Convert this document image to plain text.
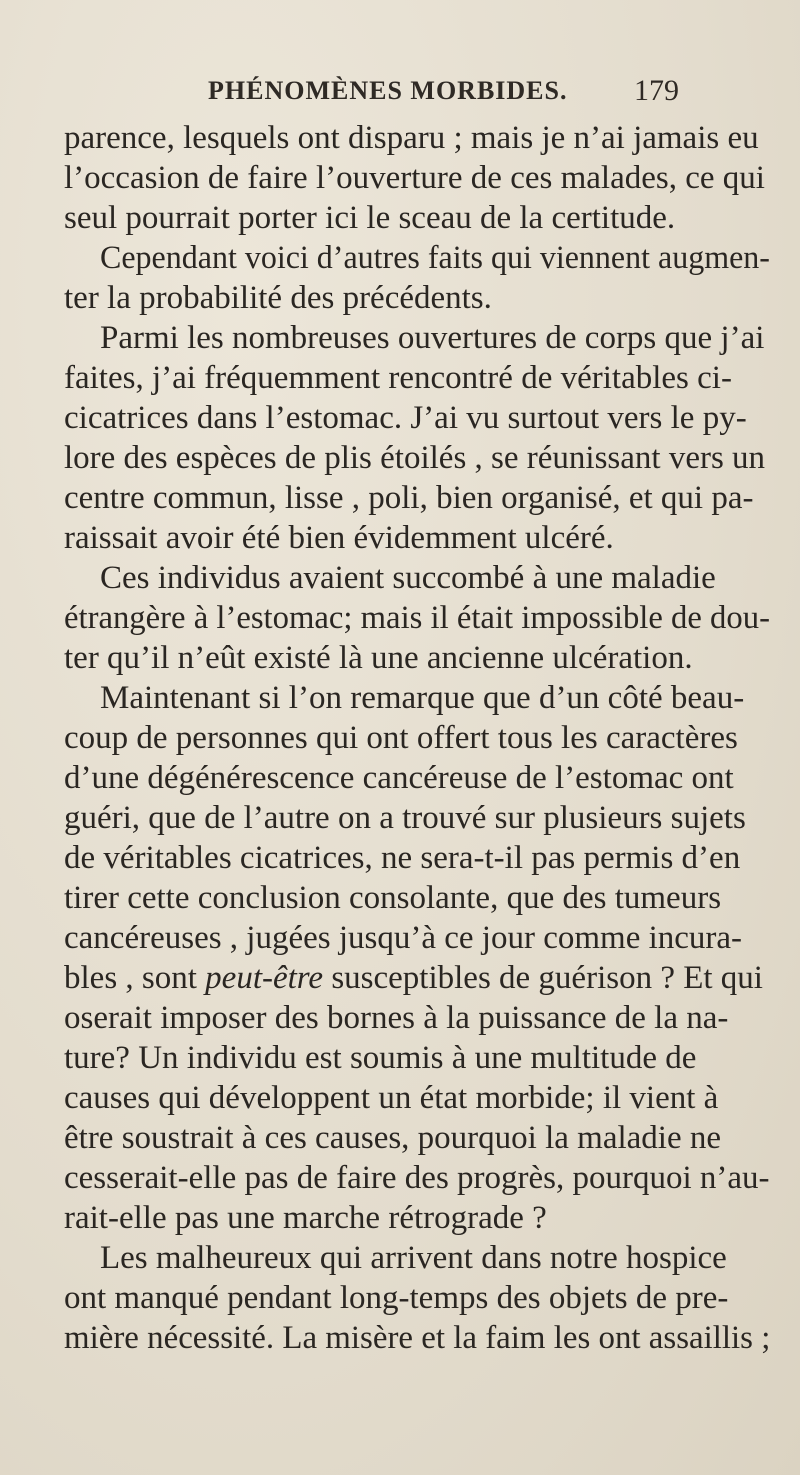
PHÉNOMÈNES MORBIDES. 179
parence, lesquels ont disparu ; mais je n’ai jamais eu
l’occasion de faire l’ouverture de ces malades, ce qui
seul pourrait porter ici le sceau de la certitude.
Cependant voici d’autres faits qui viennent augmen-
ter la probabilité des précédents.
Parmi les nombreuses ouvertures de corps que j’ai
faites, j’ai fréquemment rencontré de véritables ci-
cicatrices dans l’estomac. J’ai vu surtout vers le py-
lore des espèces de plis étoilés , se réunissant vers un
centre commun, lisse , poli, bien organisé, et qui pa-
raissait avoir été bien évidemment ulcéré.
Ces individus avaient succombé à une maladie
étrangère à l’estomac; mais il était impossible de dou-
ter qu’il n’eût existé là une ancienne ulcération.
Maintenant si l’on remarque que d’un côté beau-
coup de personnes qui ont offert tous les caractères
d’une dégénérescence cancéreuse de l’estomac ont
guéri, que de l’autre on a trouvé sur plusieurs sujets
de véritables cicatrices, ne sera-t-il pas permis d’en
tirer cette conclusion consolante, que des tumeurs
cancéreuses , jugées jusqu’à ce jour comme incura-
bles , sont peut-être susceptibles de guérison ? Et qui
oserait imposer des bornes à la puissance de la na-
ture? Un individu est soumis à une multitude de
causes qui développent un état morbide; il vient à
être soustrait à ces causes, pourquoi la maladie ne
cesserait-elle pas de faire des progrès, pourquoi n’au-
rait-elle pas une marche rétrograde ?
Les malheureux qui arrivent dans notre hospice
ont manqué pendant long-temps des objets de pre-
mière nécessité. La misère et la faim les ont assaillis ;
